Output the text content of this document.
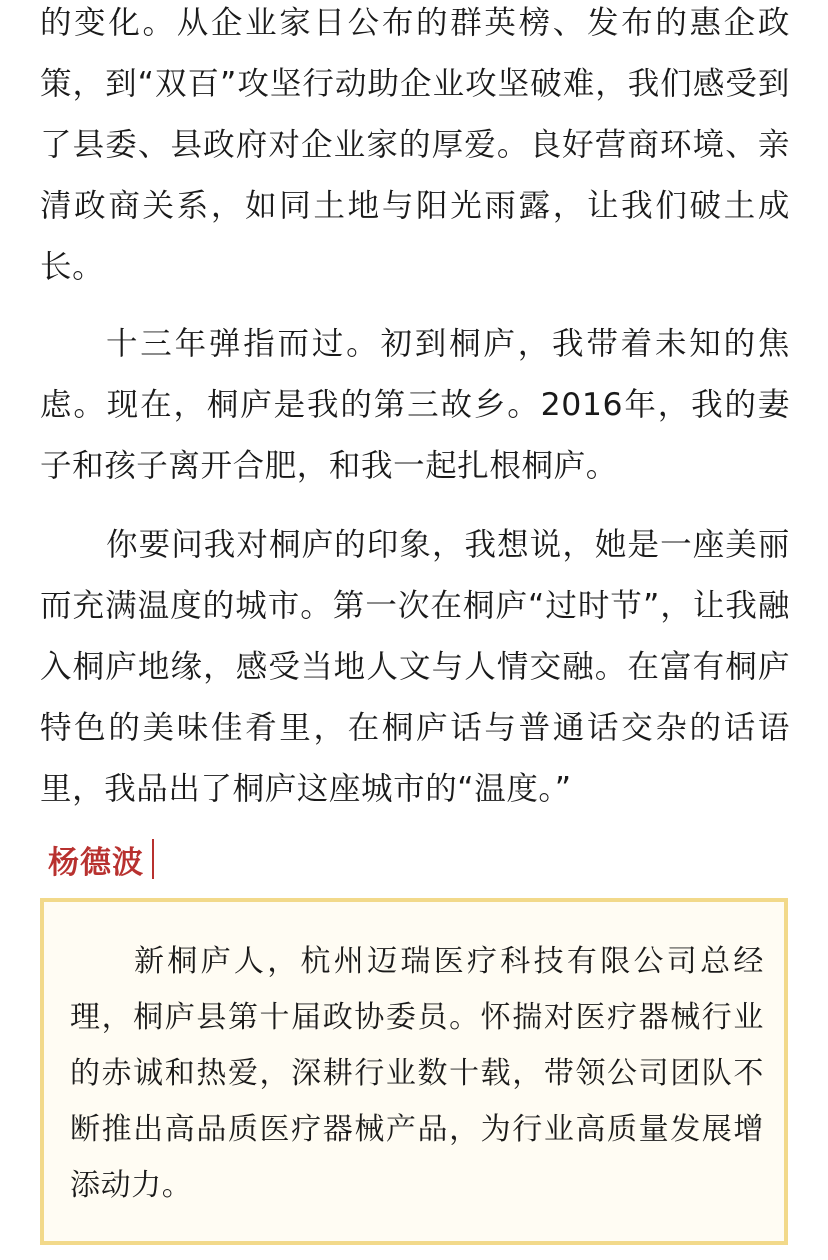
的变化。从企业家日公布的群英榜、发布的惠企政策，到“双百”攻坚行动助企业攻坚破难，我们感受到了县委、县政府对企业家的厚爱。良好营商环境、亲清政商关系，如同土地与阳光雨露，让我们破土成长。

十三年弹指而过。初到桐庐，我带着未知的焦虑。现在，桐庐是我的第三故乡。2016年，我的妻子和孩子离开合肥，和我一起扎根桐庐。

你要问我对桐庐的印象，我想说，她是一座美丽而充满温度的城市。第一次在桐庐“过时节”，让我融入桐庐地缘，感受当地人文与人情交融。在富有桐庐特色的美味佳肴里，在桐庐话与普通话交杂的话语里，我品出了桐庐这座城市的“温度。”

杨德波

新桐庐人，杭州迈瑞医疗科技有限公司总经理，桐庐县第十届政协委员。怀揣对医疗器械行业的赤诚和热爱，深耕行业数十载，带领公司团队不断推出高品质医疗器械产品，为行业高质量发展增添动力。
